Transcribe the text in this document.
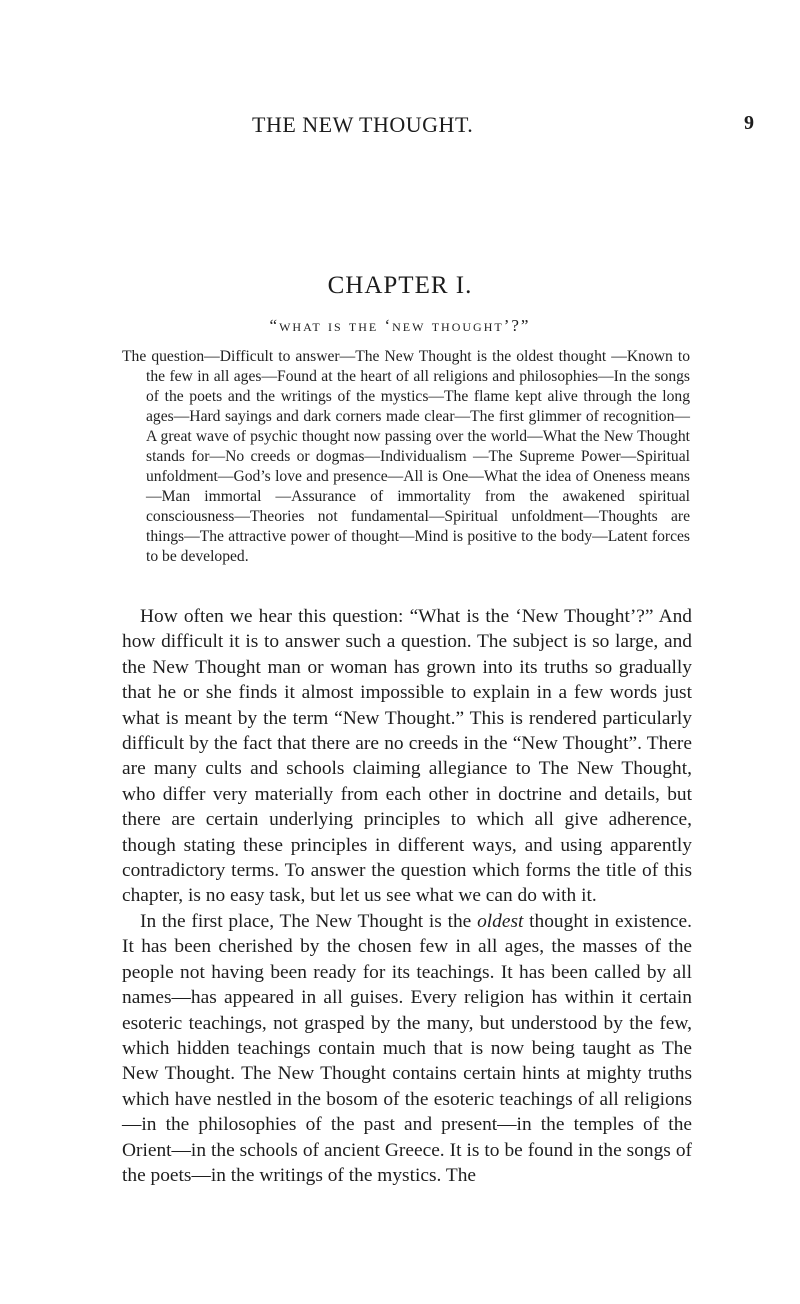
THE NEW THOUGHT.	9
CHAPTER I.
“what is the ‘new thought’?”

The question—Difficult to answer—The New Thought is the oldest thought —Known to the few in all ages—Found at the heart of all religions and philosophies—In the songs of the poets and the writings of the mystics—The flame kept alive through the long ages—Hard sayings and dark corners made clear—The first glimmer of recognition—A great wave of psychic thought now passing over the world—What the New Thought stands for—No creeds or dogmas—Individualism —The Supreme Power—Spiritual unfoldment—God’s love and presence—All is One—What the idea of Oneness means—Man immortal —Assurance of immortality from the awakened spiritual consciousness—Theories not fundamental—Spiritual unfoldment—Thoughts are things—The attractive power of thought—Mind is positive to the body—Latent forces to be developed.

How often we hear this question: “What is the ‘New Thought’?” And how difficult it is to answer such a question. The subject is so large, and the New Thought man or woman has grown into its truths so gradually that he or she finds it almost impossible to explain in a few words just what is meant by the term “New Thought.” This is rendered particularly difficult by the fact that there are no creeds in the “New Thought”. There are many cults and schools claiming allegiance to The New Thought, who differ very materially from each other in doctrine and details, but there are certain underlying principles to which all give adherence, though stating these principles in different ways, and using apparently contradictory terms. To answer the question which forms the title of this chapter, is no easy task, but let us see what we can do with it.

In the first place, The New Thought is the oldest thought in existence. It has been cherished by the chosen few in all ages, the masses of the people not having been ready for its teachings. It has been called by all names—has appeared in all guises. Every religion has within it certain esoteric teachings, not grasped by the many, but understood by the few, which hidden teachings contain much that is now being taught as The New Thought. The New Thought contains certain hints at mighty truths which have nestled in the bosom of the esoteric teachings of all religions —in the philosophies of the past and present—in the temples of the Orient—in the schools of ancient Greece. It is to be found in the songs of the poets—in the writings of the mystics. The
